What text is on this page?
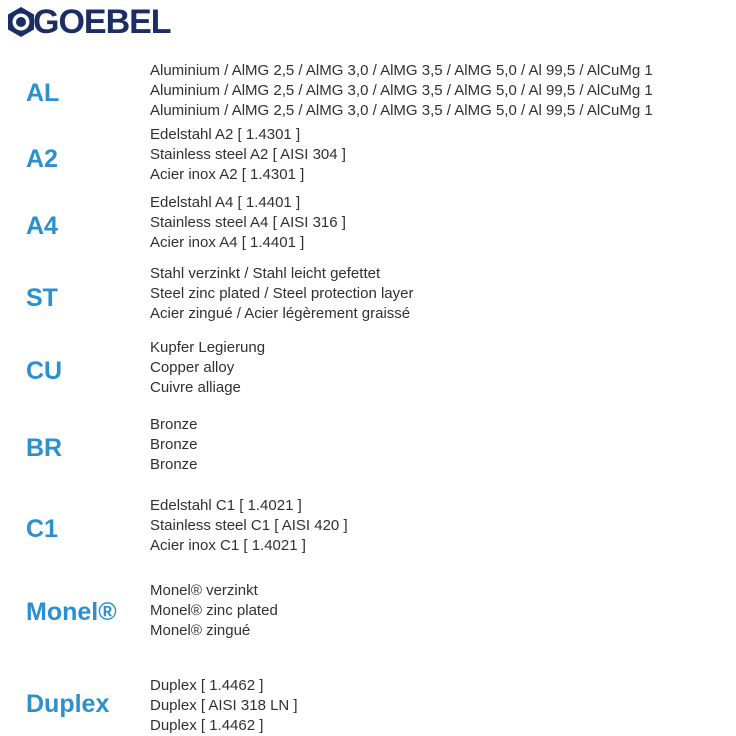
GOEBEL
AL
Aluminium / AlMG 2,5 / AlMG 3,0 / AlMG 3,5 / AlMG 5,0 / Al 99,5 / AlCuMg 1
Aluminium / AlMG 2,5 / AlMG 3,0 / AlMG 3,5 / AlMG 5,0 / Al 99,5 / AlCuMg 1
Aluminium / AlMG 2,5 / AlMG 3,0 / AlMG 3,5 / AlMG 5,0 / Al 99,5 / AlCuMg 1
A2
Edelstahl A2 [ 1.4301 ]
Stainless steel A2 [ AISI 304 ]
Acier inox A2 [ 1.4301 ]
A4
Edelstahl A4 [ 1.4401 ]
Stainless steel A4 [ AISI 316 ]
Acier inox A4 [ 1.4401 ]
ST
Stahl verzinkt / Stahl leicht gefettet
Steel zinc plated / Steel protection layer
Acier zingué / Acier légèrement graissé
CU
Kupfer Legierung
Copper alloy
Cuivre alliage
BR
Bronze
Bronze
Bronze
C1
Edelstahl C1 [ 1.4021 ]
Stainless steel C1 [ AISI 420 ]
Acier inox C1 [ 1.4021 ]
Monel®
Monel® verzinkt
Monel® zinc plated
Monel® zingué
Duplex
Duplex [ 1.4462 ]
Duplex [ AISI 318 LN ]
Duplex [ 1.4462 ]
